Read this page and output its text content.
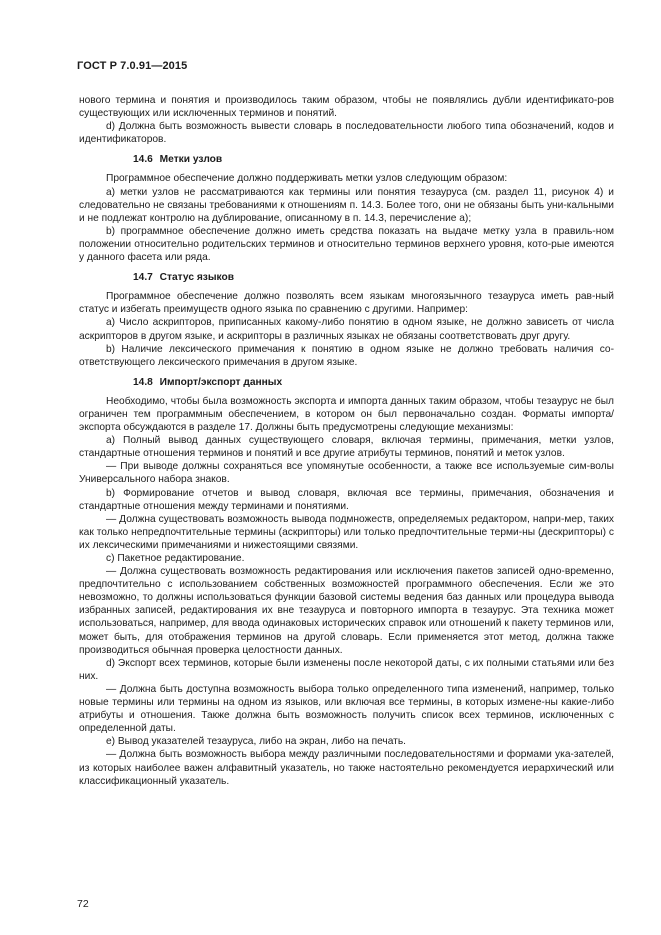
ГОСТ Р 7.0.91—2015

нового термина и понятия и производилось таким образом, чтобы не появлялись дубли идентификато-ров существующих или исключенных терминов и понятий.

d) Должна быть возможность вывести словарь в последовательности любого типа обозначений, кодов и идентификаторов.

14.6 Метки узлов

Программное обеспечение должно поддерживать метки узлов следующим образом:

а) метки узлов не рассматриваются как термины или понятия тезауруса (см. раздел 11, рисунок 4) и следовательно не связаны требованиями к отношениям п. 14.3. Более того, они не обязаны быть уни-кальными и не подлежат контролю на дублирование, описанному в п. 14.3, перечисление а);

b) программное обеспечение должно иметь средства показать на выдаче метку узла в правиль-ном положении относительно родительских терминов и относительно терминов верхнего уровня, кото-рые имеются у данного фасета или ряда.

14.7 Статус языков

Программное обеспечение должно позволять всем языкам многоязычного тезауруса иметь рав-ный статус и избегать преимуществ одного языка по сравнению с другими. Например:

a) Число аскрипторов, приписанных какому-либо понятию в одном языке, не должно зависеть от числа аскрипторов в другом языке, и аскрипторы в различных языках не обязаны соответствовать друг другу.

b) Наличие лексического примечания к понятию в одном языке не должно требовать наличия со-ответствующего лексического примечания в другом языке.

14.8 Импорт/экспорт данных

Необходимо, чтобы была возможность экспорта и импорта данных таким образом, чтобы тезаурус не был ограничен тем программным обеспечением, в котором он был первоначально создан. Форматы импорта/экспорта обсуждаются в разделе 17. Должны быть предусмотрены следующие механизмы:

а) Полный вывод данных существующего словаря, включая термины, примечания, метки узлов, стандартные отношения терминов и понятий и все другие атрибуты терминов, понятий и меток узлов.

— При выводе должны сохраняться все упомянутые особенности, а также все используемые сим-волы Универсального набора знаков.

b) Формирование отчетов и вывод словаря, включая все термины, примечания, обозначения и стандартные отношения между терминами и понятиями.

— Должна существовать возможность вывода подмножеств, определяемых редактором, напри-мер, таких как только непредпочтительные термины (аскрипторы) или только предпочтительные терми-ны (дескрипторы) с их лексическими примечаниями и нижестоящими связями.

c) Пакетное редактирование.

— Должна существовать возможность редактирования или исключения пакетов записей одно-временно, предпочтительно с использованием собственных возможностей программного обеспечения. Если же это невозможно, то должны использоваться функции базовой системы ведения баз данных или процедура вывода избранных записей, редактирования их вне тезауруса и повторного импорта в тезаурус. Эта техника может использоваться, например, для ввода одинаковых исторических справок или отношений к пакету терминов или, может быть, для отображения терминов на другой словарь. Если применяется этот метод, должна также производиться обычная проверка целостности данных.

d) Экспорт всех терминов, которые были изменены после некоторой даты, с их полными статьями или без них.

— Должна быть доступна возможность выбора только определенного типа изменений, например, только новые термины или термины на одном из языков, или включая все термины, в которых измене-ны какие-либо атрибуты и отношения. Также должна быть возможность получить список всех терминов, исключенных с определенной даты.

e) Вывод указателей тезауруса, либо на экран, либо на печать.

— Должна быть возможность выбора между различными последовательностями и формами ука-зателей, из которых наиболее важен алфавитный указатель, но также настоятельно рекомендуется иерархический или классификационный указатель.

72
